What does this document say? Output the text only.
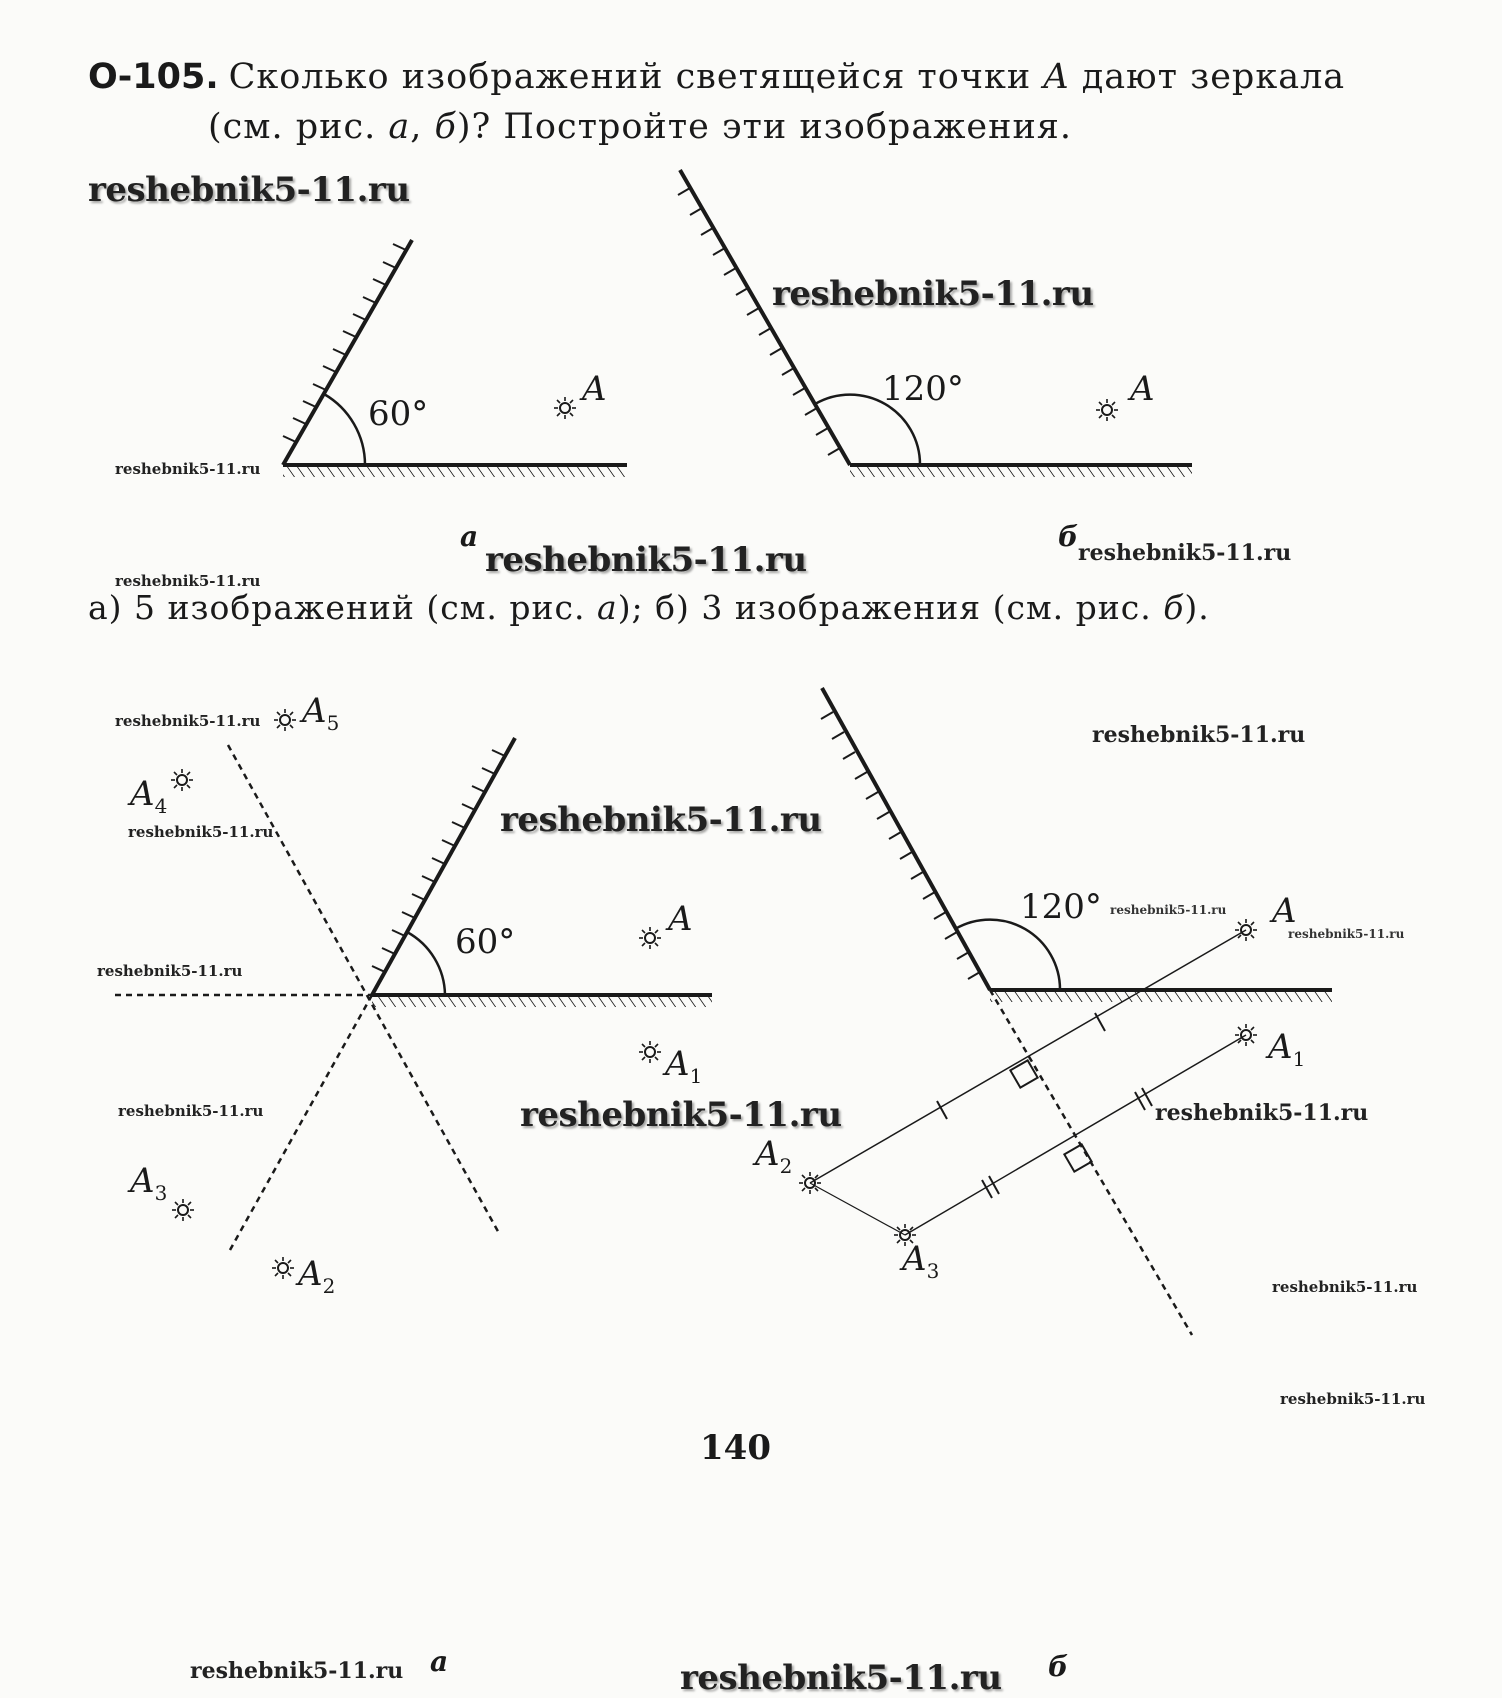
О-105. Сколько изображений светящейся точки A дают зеркала
(см. рис. a, б)? Постройте эти изображения.
а) 5 изображений (см. рис. a); б) 3 изображения (см. рис. б).
140
a	б
a	б
60°
A	120°	A
60°
A
$A_1$
$A_2$
$A_3$
$A_4$
$A_5$
120°	A
$A_1$
$A_2$
$A_3$
reshebnik5-11.ru
reshebnik5-11.ru
reshebnik5-11.ru
reshebnik5-11.ru
reshebnik5-11.ru
reshebnik5-11.ru
reshebnik5-11.ru
reshebnik5-11.ru
reshebnik5-11.ru
reshebnik5-11.ru
reshebnik5-11.ru
reshebnik5-11.ru
reshebnik5-11.ru
reshebnik5-11.ru
reshebnik5-11.ru
reshebnik5-11.ru
reshebnik5-11.ru
reshebnik5-11.ru
reshebnik5-11.ru
reshebnik5-11.ru
